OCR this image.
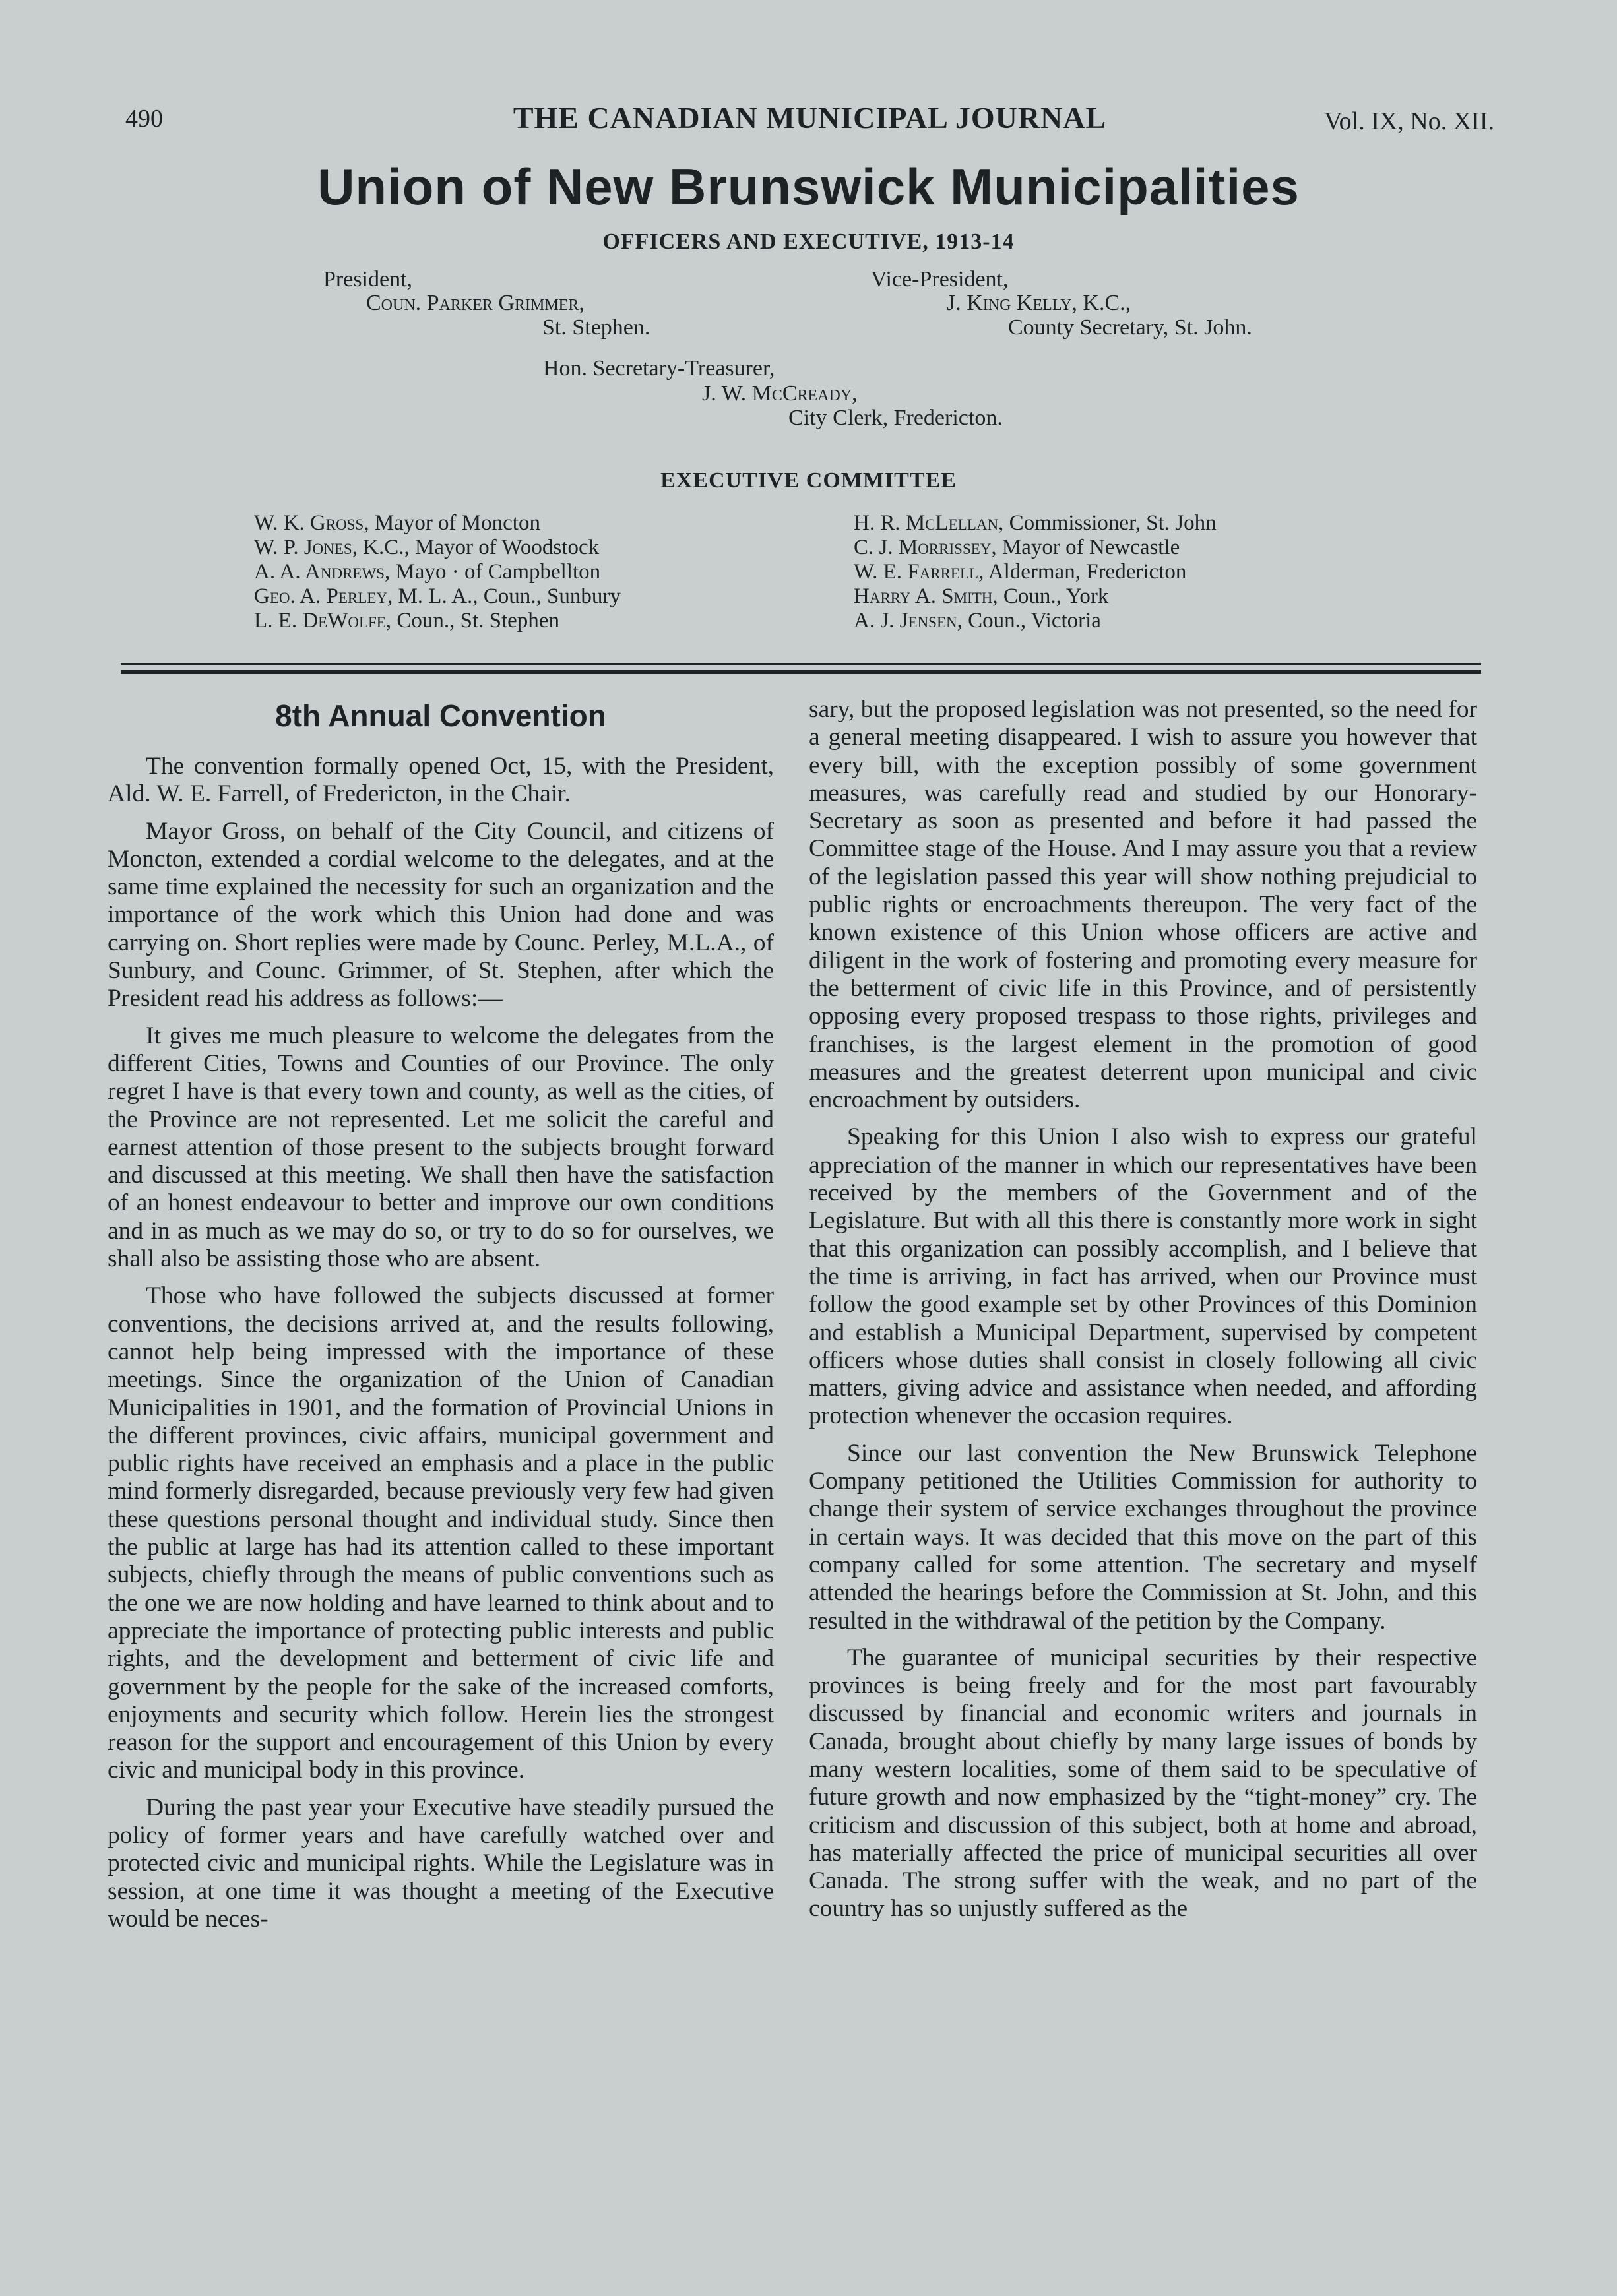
490	THE CANADIAN MUNICIPAL JOURNAL	Vol. IX, No. XII.
Union of New Brunswick Municipalities
OFFICERS AND EXECUTIVE, 1913-14
President,
Coun. Parker Grimmer,
St. Stephen.
Vice-President,
J. King Kelly, K.C.,
County Secretary, St. John.
Hon. Secretary-Treasurer,
J. W. McCready,
City Clerk, Fredericton.
EXECUTIVE COMMITTEE
W. K. Gross, Mayor of Moncton
W. P. Jones, K.C., Mayor of Woodstock
A. A. Andrews, Mayo · of Campbellton
Geo. A. Perley, M. L. A., Coun., Sunbury
L. E. DeWolfe, Coun., St. Stephen
H. R. McLellan, Commissioner, St. John
C. J. Morrissey, Mayor of Newcastle
W. E. Farrell, Alderman, Fredericton
Harry A. Smith, Coun., York
A. J. Jensen, Coun., Victoria
8th Annual Convention

The convention formally opened Oct, 15, with the President, Ald. W. E. Farrell, of Fredericton, in the Chair.

Mayor Gross, on behalf of the City Council, and citizens of Moncton, extended a cordial welcome to the delegates, and at the same time explained the necessity for such an organization and the importance of the work which this Union had done and was carrying on. Short replies were made by Counc. Perley, M.L.A., of Sunbury, and Counc. Grimmer, of St. Stephen, after which the President read his address as follows:—

It gives me much pleasure to welcome the delegates from the different Cities, Towns and Counties of our Province. The only regret I have is that every town and county, as well as the cities, of the Province are not represented. Let me solicit the careful and earnest attention of those present to the subjects brought forward and discussed at this meeting. We shall then have the satisfaction of an honest endeavour to better and improve our own conditions and in as much as we may do so, or try to do so for ourselves, we shall also be assisting those who are absent.

Those who have followed the subjects discussed at former conventions, the decisions arrived at, and the results following, cannot help being impressed with the importance of these meetings. Since the organization of the Union of Canadian Municipalities in 1901, and the formation of Provincial Unions in the different provinces, civic affairs, municipal government and public rights have received an emphasis and a place in the public mind formerly disregarded, because previously very few had given these questions personal thought and individual study. Since then the public at large has had its attention called to these important subjects, chiefly through the means of public conventions such as the one we are now holding and have learned to think about and to appreciate the importance of protecting public interests and public rights, and the development and betterment of civic life and government by the people for the sake of the increased comforts, enjoyments and security which follow. Herein lies the strongest reason for the support and encouragement of this Union by every civic and municipal body in this province.

During the past year your Executive have steadily pursued the policy of former years and have carefully watched over and protected civic and municipal rights. While the Legislature was in session, at one time it was thought a meeting of the Executive would be neces-

sary, but the proposed legislation was not presented, so the need for a general meeting disappeared. I wish to assure you however that every bill, with the exception possibly of some government measures, was carefully read and studied by our Honorary-Secretary as soon as presented and before it had passed the Committee stage of the House. And I may assure you that a review of the legislation passed this year will show nothing prejudicial to public rights or encroachments thereupon. The very fact of the known existence of this Union whose officers are active and diligent in the work of fostering and promoting every measure for the betterment of civic life in this Province, and of persistently opposing every proposed trespass to those rights, privileges and franchises, is the largest element in the promotion of good measures and the greatest deterrent upon municipal and civic encroachment by outsiders.

Speaking for this Union I also wish to express our grateful appreciation of the manner in which our representatives have been received by the members of the Government and of the Legislature. But with all this there is constantly more work in sight that this organization can possibly accomplish, and I believe that the time is arriving, in fact has arrived, when our Province must follow the good example set by other Provinces of this Dominion and establish a Municipal Department, supervised by competent officers whose duties shall consist in closely following all civic matters, giving advice and assistance when needed, and affording protection whenever the occasion requires.

Since our last convention the New Brunswick Telephone Company petitioned the Utilities Commission for authority to change their system of service exchanges throughout the province in certain ways. It was decided that this move on the part of this company called for some attention. The secretary and myself attended the hearings before the Commission at St. John, and this resulted in the withdrawal of the petition by the Company.

The guarantee of municipal securities by their respective provinces is being freely and for the most part favourably discussed by financial and economic writers and journals in Canada, brought about chiefly by many large issues of bonds by many western localities, some of them said to be speculative of future growth and now emphasized by the “tight-money” cry. The criticism and discussion of this subject, both at home and abroad, has materially affected the price of municipal securities all over Canada. The strong suffer with the weak, and no part of the country has so unjustly suffered as the
